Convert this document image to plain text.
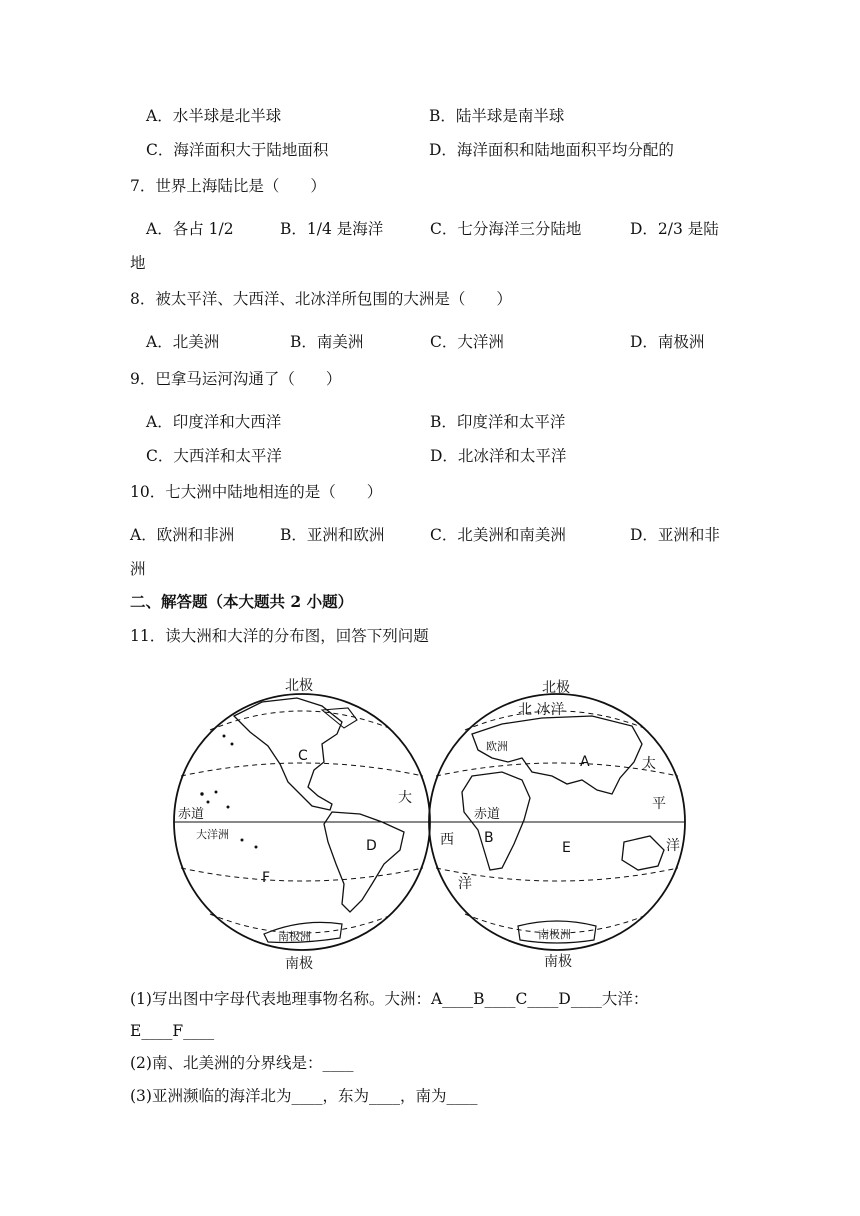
A．水半球是北半球	B．陆半球是南半球
C．海洋面积大于陆地面积	D．海洋面积和陆地面积平均分配的
7．世界上海陆比是（　　）
A．各占 1/2	B．1/4 是海洋	C．七分海洋三分陆地	D．2/3 是陆
地
8．被太平洋、大西洋、北冰洋所包围的大洲是（　　）
A．北美洲	B．南美洲	C．大洋洲	D．南极洲
9．巴拿马运河沟通了（　　）
A．印度洋和大西洋	B．印度洋和太平洋
C．大西洋和太平洋	D．北冰洋和太平洋
10．七大洲中陆地相连的是（　　）
A．欧洲和非洲	B．亚洲和欧洲	C．北美洲和南美洲	D．亚洲和非
洲
二、解答题（本大题共 2 小题）
11．读大洲和大洋的分布图，回答下列问题
北极	北极
南极	南极
赤道	赤道
北 冰洋
欧洲
大洋洲
南极洲	南极洲
大
西
洋
太
平
洋
A
B
C
D	E
F
(1)写出图中字母代表地理事物名称。大洲：A____B____C____D____大洋：
E____F____
(2)南、北美洲的分界线是：____
(3)亚洲濒临的海洋北为____，东为____，南为____
